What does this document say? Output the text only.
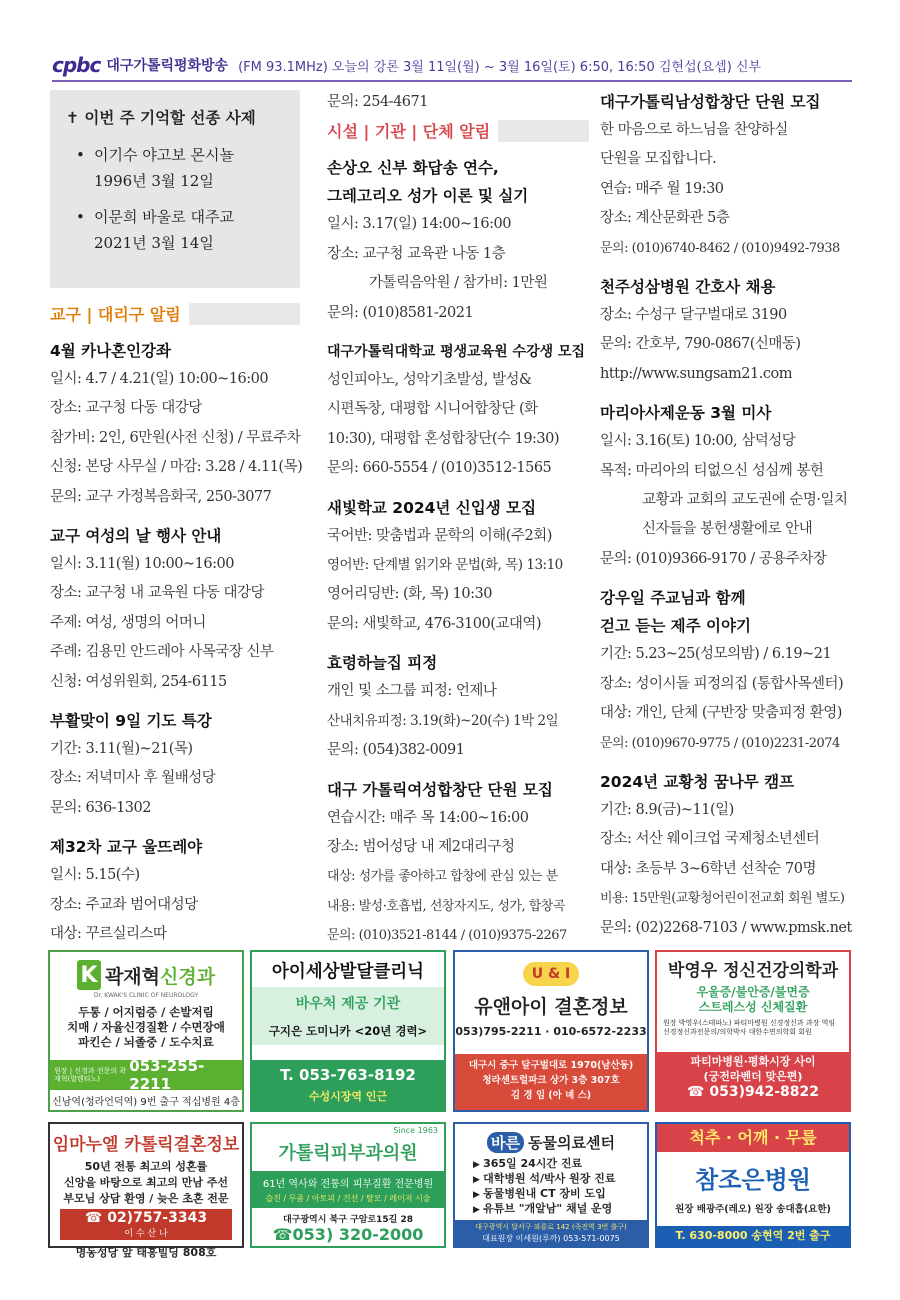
cpbc 대구가톨릭평화방송 (FM 93.1MHz) 오늘의 강론 3월 11일(월) ~ 3월 16일(토) 6:50, 16:50 김현섭(요셉) 신부
✝ 이번 주 기억할 선종 사제
• 이기수 야고보 몬시뇰
1996년 3월 12일
• 이문희 바울로 대주교
2021년 3월 14일
교구 | 대리구 알림
4월 카나혼인강좌
일시: 4.7 / 4.21(일) 10:00~16:00
장소: 교구청 다동 대강당
참가비: 2인, 6만원(사전 신청) / 무료주차
신청: 본당 사무실 / 마감: 3.28 / 4.11(목)
문의: 교구 가정복음화국, 250-3077
교구 여성의 날 행사 안내
일시: 3.11(월) 10:00~16:00
장소: 교구청 내 교육원 다동 대강당
주제: 여성, 생명의 어머니
주례: 김용민 안드레아 사목국장 신부
신청: 여성위원회, 254-6115
부활맞이 9일 기도 특강
기간: 3.11(월)~21(목)
장소: 저녁미사 후 월배성당
문의: 636-1302
제32차 교구 울뜨레야
일시: 5.15(수)
장소: 주교좌 범어대성당
대상: 꾸르실리스따
문의: 254-4671
시설 | 기관 | 단체 알림
손상오 신부 화답송 연수,
그레고리오 성가 이론 및 실기
일시: 3.17(일) 14:00~16:00
장소: 교구청 교육관 나동 1층
가톨릭음악원 / 참가비: 1만원
문의: (010)8581-2021
대구가톨릭대학교 평생교육원 수강생 모집
성인피아노, 성악기초발성, 발성&
시편독창, 대평합 시니어합창단 (화
10:30), 대평합 혼성합창단(수 19:30)
문의: 660-5554 / (010)3512-1565
새빛학교 2024년 신입생 모집
국어반: 맞춤법과 문학의 이해(주2회)
영어반: 단계별 읽기와 문법(화, 목) 13:10
영어리딩반: (화, 목) 10:30
문의: 새빛학교, 476-3100(교대역)
효령하늘집 피정
개인 및 소그룹 피정: 언제나
산내치유피정: 3.19(화)~20(수) 1박 2일
문의: (054)382-0091
대구 가톨릭여성합창단 단원 모집
연습시간: 매주 목 14:00~16:00
장소: 범어성당 내 제2대리구청
대상: 성가를 좋아하고 합창에 관심 있는 분
내용: 발성·호흡법, 선창자지도, 성가, 합창곡
문의: (010)3521-8144 / (010)9375-2267
대구가톨릭남성합창단 단원 모집
한 마음으로 하느님을 찬양하실
단원을 모집합니다.
연습: 매주 월 19:30
장소: 계산문화관 5층
문의: (010)6740-8462 / (010)9492-7938
천주성삼병원 간호사 채용
장소: 수성구 달구벌대로 3190
문의: 간호부, 790-0867(신매동)
http://www.sungsam21.com
마리아사제운동 3월 미사
일시: 3.16(토) 10:00, 삼덕성당
목적: 마리아의 티없으신 성심께 봉헌
교황과 교회의 교도권에 순명·일치
신자들을 봉헌생활에로 안내
문의: (010)9366-9170 / 공용주차장
강우일 주교님과 함께
걷고 듣는 제주 이야기
기간: 5.23~25(성모의밤) / 6.19~21
장소: 성이시돌 피정의집 (통합사목센터)
대상: 개인, 단체 (구반장 맞춤피정 환영)
문의: (010)9670-9775 / (010)2231-2074
2024년 교황청 꿈나무 캠프
기간: 8.9(금)~11(일)
장소: 서산 웨이크업 국제청소년센터
대상: 초등부 3~6학년 선착순 70명
비용: 15만원(교황청어린이전교회 회원 별도)
문의: (02)2268-7103 / www.pmsk.net
K 곽재혁신경과
Dr. KWAK'S CLINIC OF NEUROLOGY
두통 / 어지럼증 / 손발저림
치매 / 자율신경질환 / 수면장애
파킨슨 / 뇌졸중 / 도수치료
원장 | 신경과 전문의 곽재혁(발렌티노)
053-255-2211
신남역(청라언덕역) 9번 출구 적십병원 4층
아이세상발달클리닉
바우처 제공 기관
구지은 도미니카 <20년 경력>
T. 053-763-8192
수성시장역 인근
U & I
유앤아이 결혼정보
053)795-2211 · 010-6572-2233
대구시 중구 달구벌대로 1970(남산동)
청라센트럴파크 상가 3층 307호
김 경 임 (아 녜 스)
박영우 정신건강의학과
우울증/불안증/불면증
스트레스성 신체질환
원장 박영우(스테파노) 파티마병원 신경정신과 과장 역임
신경정신과전문의/의학박사 대한수면의학회 회원
파티마병원·평화시장 사이
(궁전라벤더 맞은편)
☎ 053)942-8822
임마누엘 카톨릭결혼정보
50년 전통 최고의 성혼률
신앙을 바탕으로 최고의 만남 주선
부모님 상담 환영 / 늦은 초혼 전문
☎ 02)757-3343
이 수 산 나
명동성당 앞 태흥빌딩 808호
Since 1963
가톨릭피부과의원
61년 역사와 전통의 피부질환 전문병원
습진 / 무좀 / 아토피 / 건선 / 탈모 / 레이저 시술
대구광역시 북구 구암로15길 28
☎053) 320-2000
바른 동물의료센터
▶ 365일 24시간 진료
▶ 대학병원 석/박사 원장 진료
▶ 동물병원내 CT 장비 도입
▶ 유튜브 "개알남" 채널 운영
대구광역시 달서구 와룡로 142 (죽전역 3번 출구)
대표원장 이세원(루까) 053-571-0075
척추 · 어깨 · 무릎
참조은병원
원장 배광주(레오) 원장 송대흡(요한)
T. 630-8000 송현역 2번 출구
